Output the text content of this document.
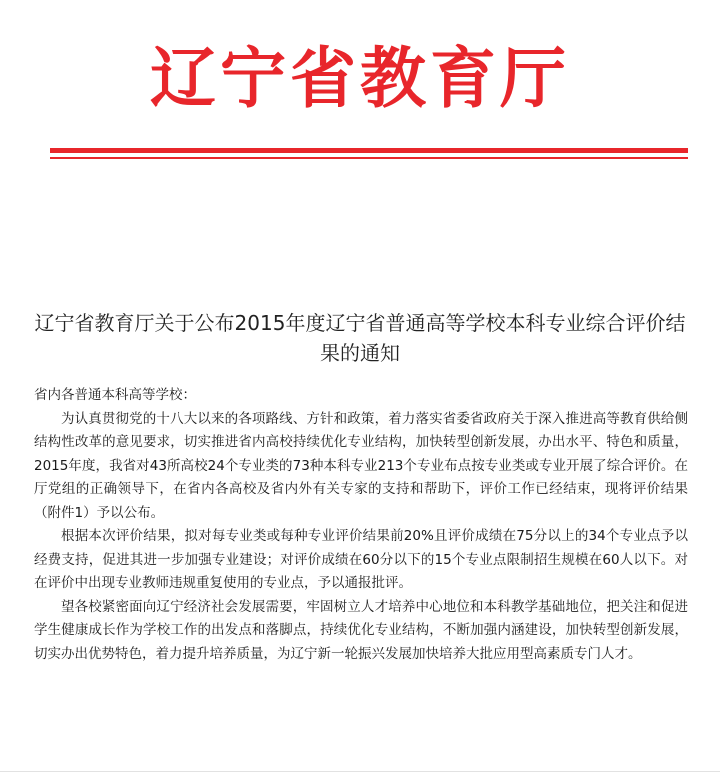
辽宁省教育厅
辽宁省教育厅关于公布2015年度辽宁省普通高等学校本科专业综合评价结果的通知

省内各普通本科高等学校：

为认真贯彻党的十八大以来的各项路线、方针和政策，着力落实省委省政府关于深入推进高等教育供给侧结构性改革的意见要求，切实推进省内高校持续优化专业结构，加快转型创新发展，办出水平、特色和质量，2015年度，我省对43所高校24个专业类的73种本科专业213个专业布点按专业类或专业开展了综合评价。在厅党组的正确领导下，在省内各高校及省内外有关专家的支持和帮助下，评价工作已经结束，现将评价结果（附件1）予以公布。

根据本次评价结果，拟对每专业类或每种专业评价结果前20%且评价成绩在75分以上的34个专业点予以经费支持，促进其进一步加强专业建设；对评价成绩在60分以下的15个专业点限制招生规模在60人以下。对在评价中出现专业教师违规重复使用的专业点，予以通报批评。

望各校紧密面向辽宁经济社会发展需要，牢固树立人才培养中心地位和本科教学基础地位，把关注和促进学生健康成长作为学校工作的出发点和落脚点，持续优化专业结构，不断加强内涵建设，加快转型创新发展，切实办出优势特色，着力提升培养质量，为辽宁新一轮振兴发展加快培养大批应用型高素质专门人才。
